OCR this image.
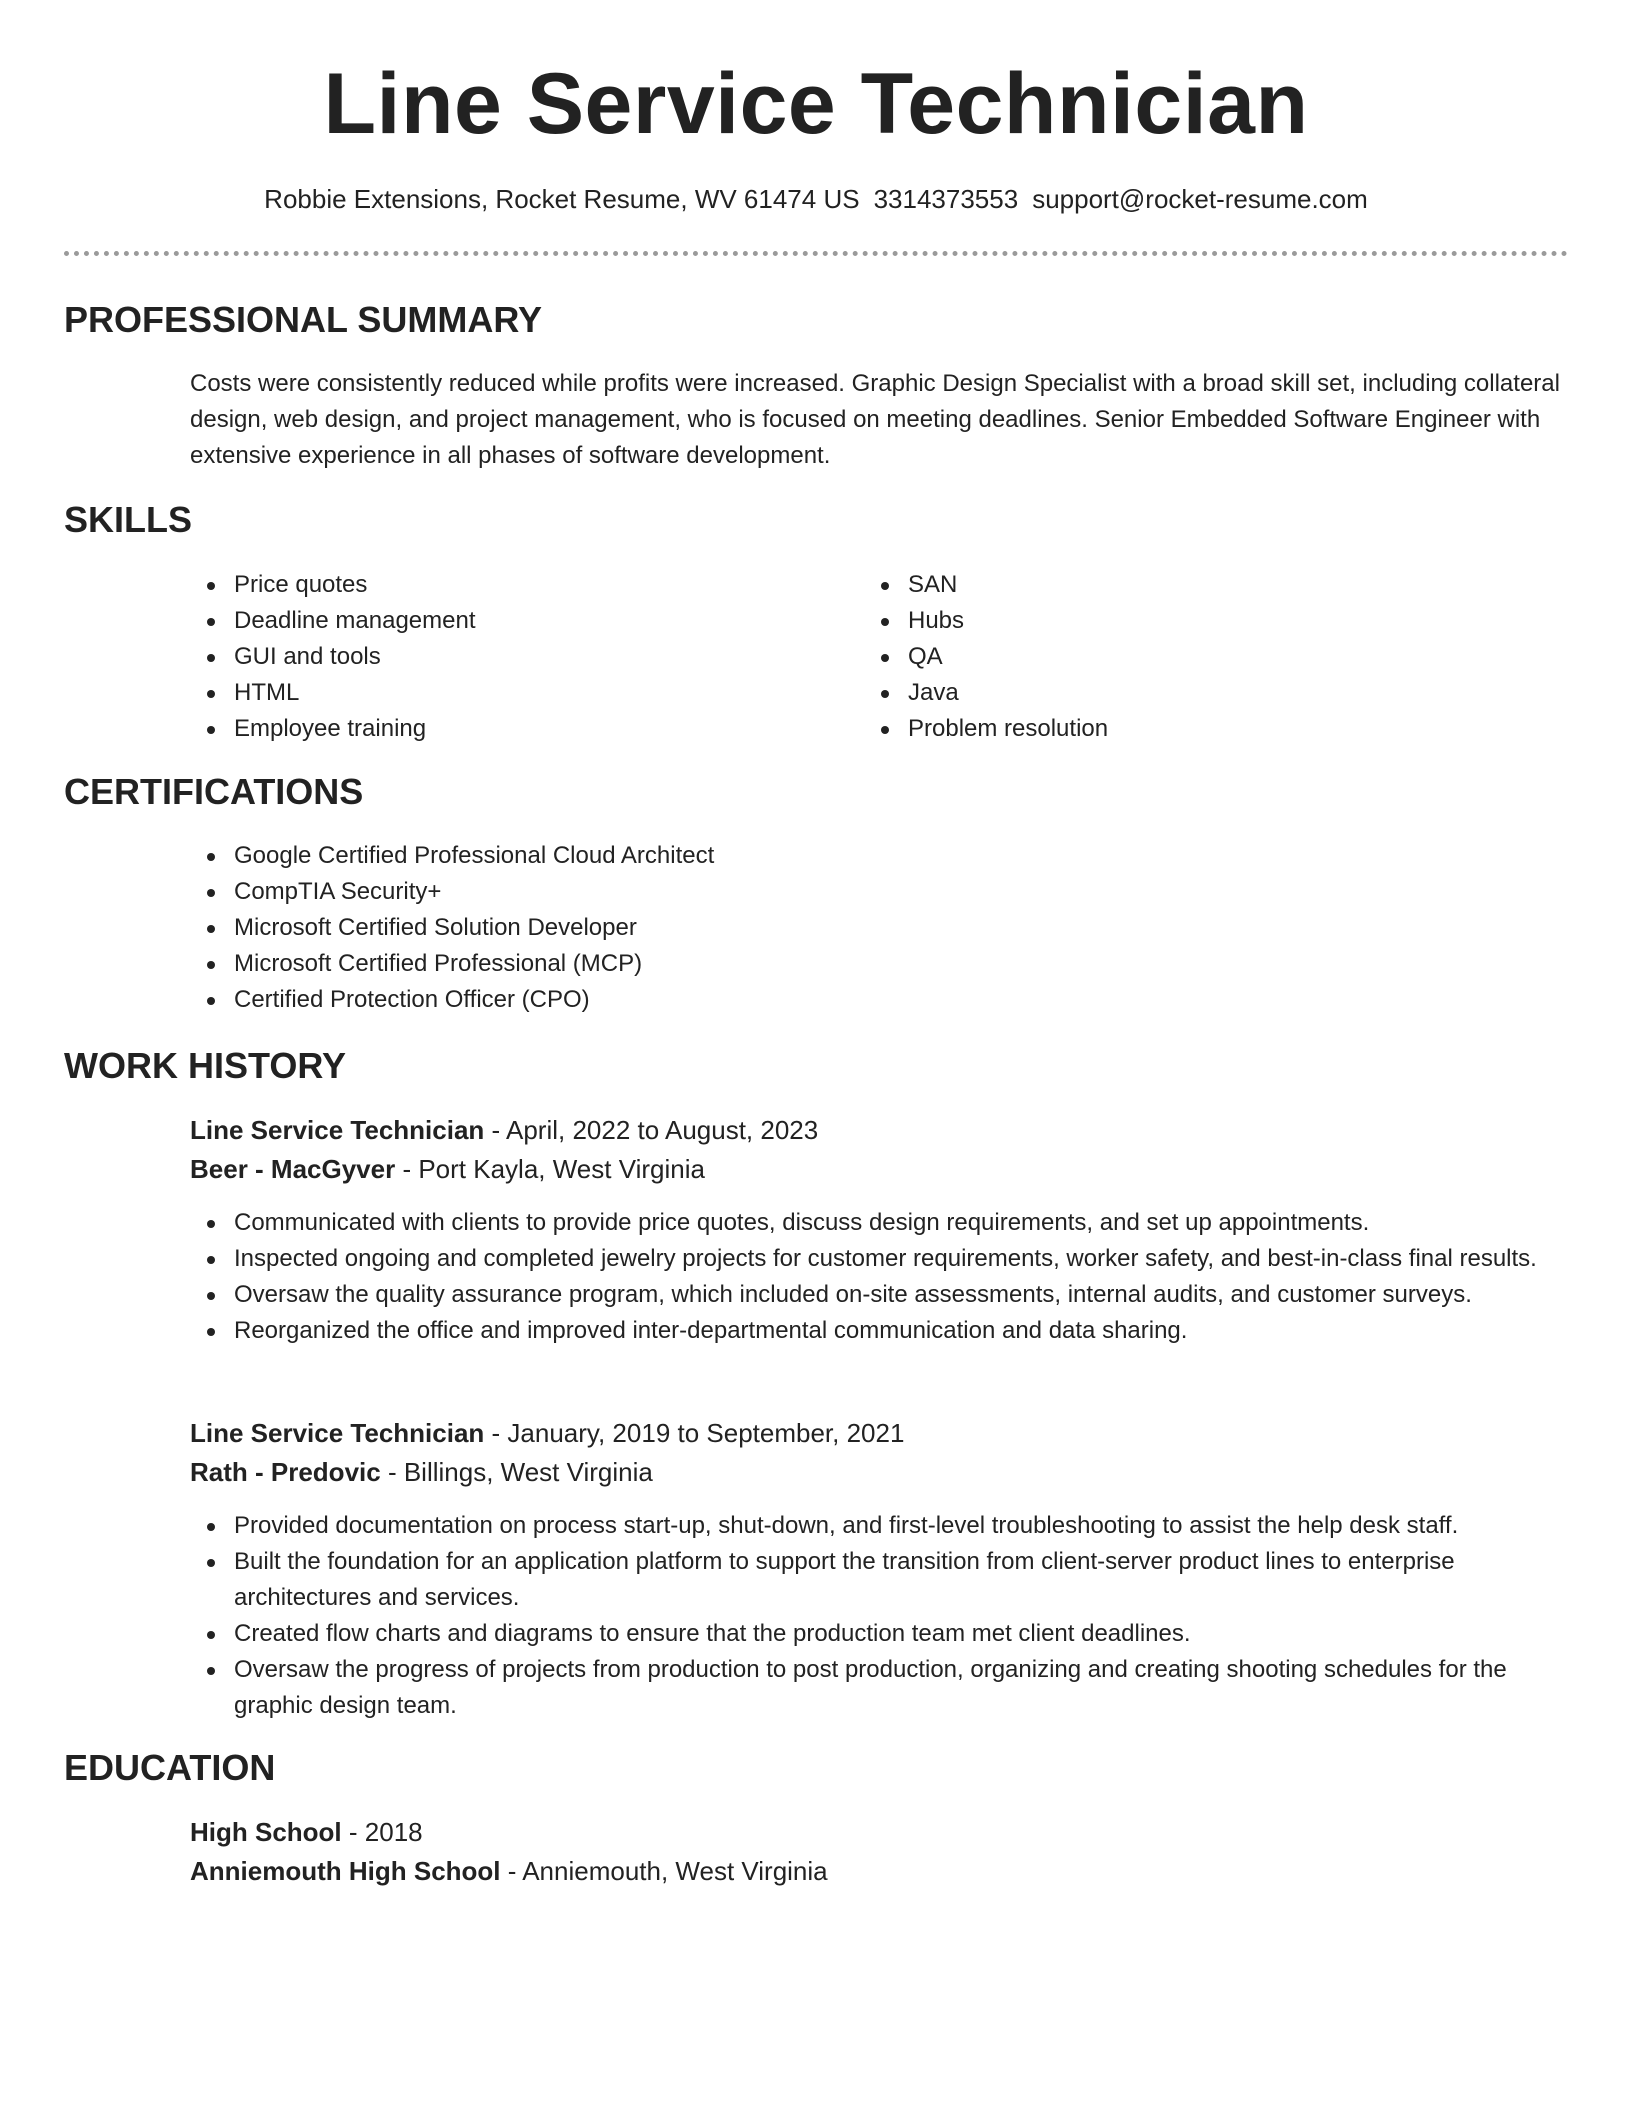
Line Service Technician
Robbie Extensions, Rocket Resume, WV 61474 US 3314373553 support@rocket-resume.com
PROFESSIONAL SUMMARY

Costs were consistently reduced while profits were increased. Graphic Design Specialist with a broad skill set, including collateral design, web design, and project management, who is focused on meeting deadlines. Senior Embedded Software Engineer with extensive experience in all phases of software development.

SKILLS
Price quotes
Deadline management
GUI and tools
HTML
Employee training
SAN
Hubs
QA
Java
Problem resolution
CERTIFICATIONS
Google Certified Professional Cloud Architect
CompTIA Security+
Microsoft Certified Solution Developer
Microsoft Certified Professional (MCP)
Certified Protection Officer (CPO)
WORK HISTORY
Line Service Technician - April, 2022 to August, 2023
Beer - MacGyver - Port Kayla, West Virginia
Communicated with clients to provide price quotes, discuss design requirements, and set up appointments.
Inspected ongoing and completed jewelry projects for customer requirements, worker safety, and best-in-class final results.
Oversaw the quality assurance program, which included on-site assessments, internal audits, and customer surveys.
Reorganized the office and improved inter-departmental communication and data sharing.
Line Service Technician - January, 2019 to September, 2021
Rath - Predovic - Billings, West Virginia
Provided documentation on process start-up, shut-down, and first-level troubleshooting to assist the help desk staff.
Built the foundation for an application platform to support the transition from client-server product lines to enterprise architectures and services.
Created flow charts and diagrams to ensure that the production team met client deadlines.
Oversaw the progress of projects from production to post production, organizing and creating shooting schedules for the graphic design team.
EDUCATION
High School - 2018
Anniemouth High School - Anniemouth, West Virginia
